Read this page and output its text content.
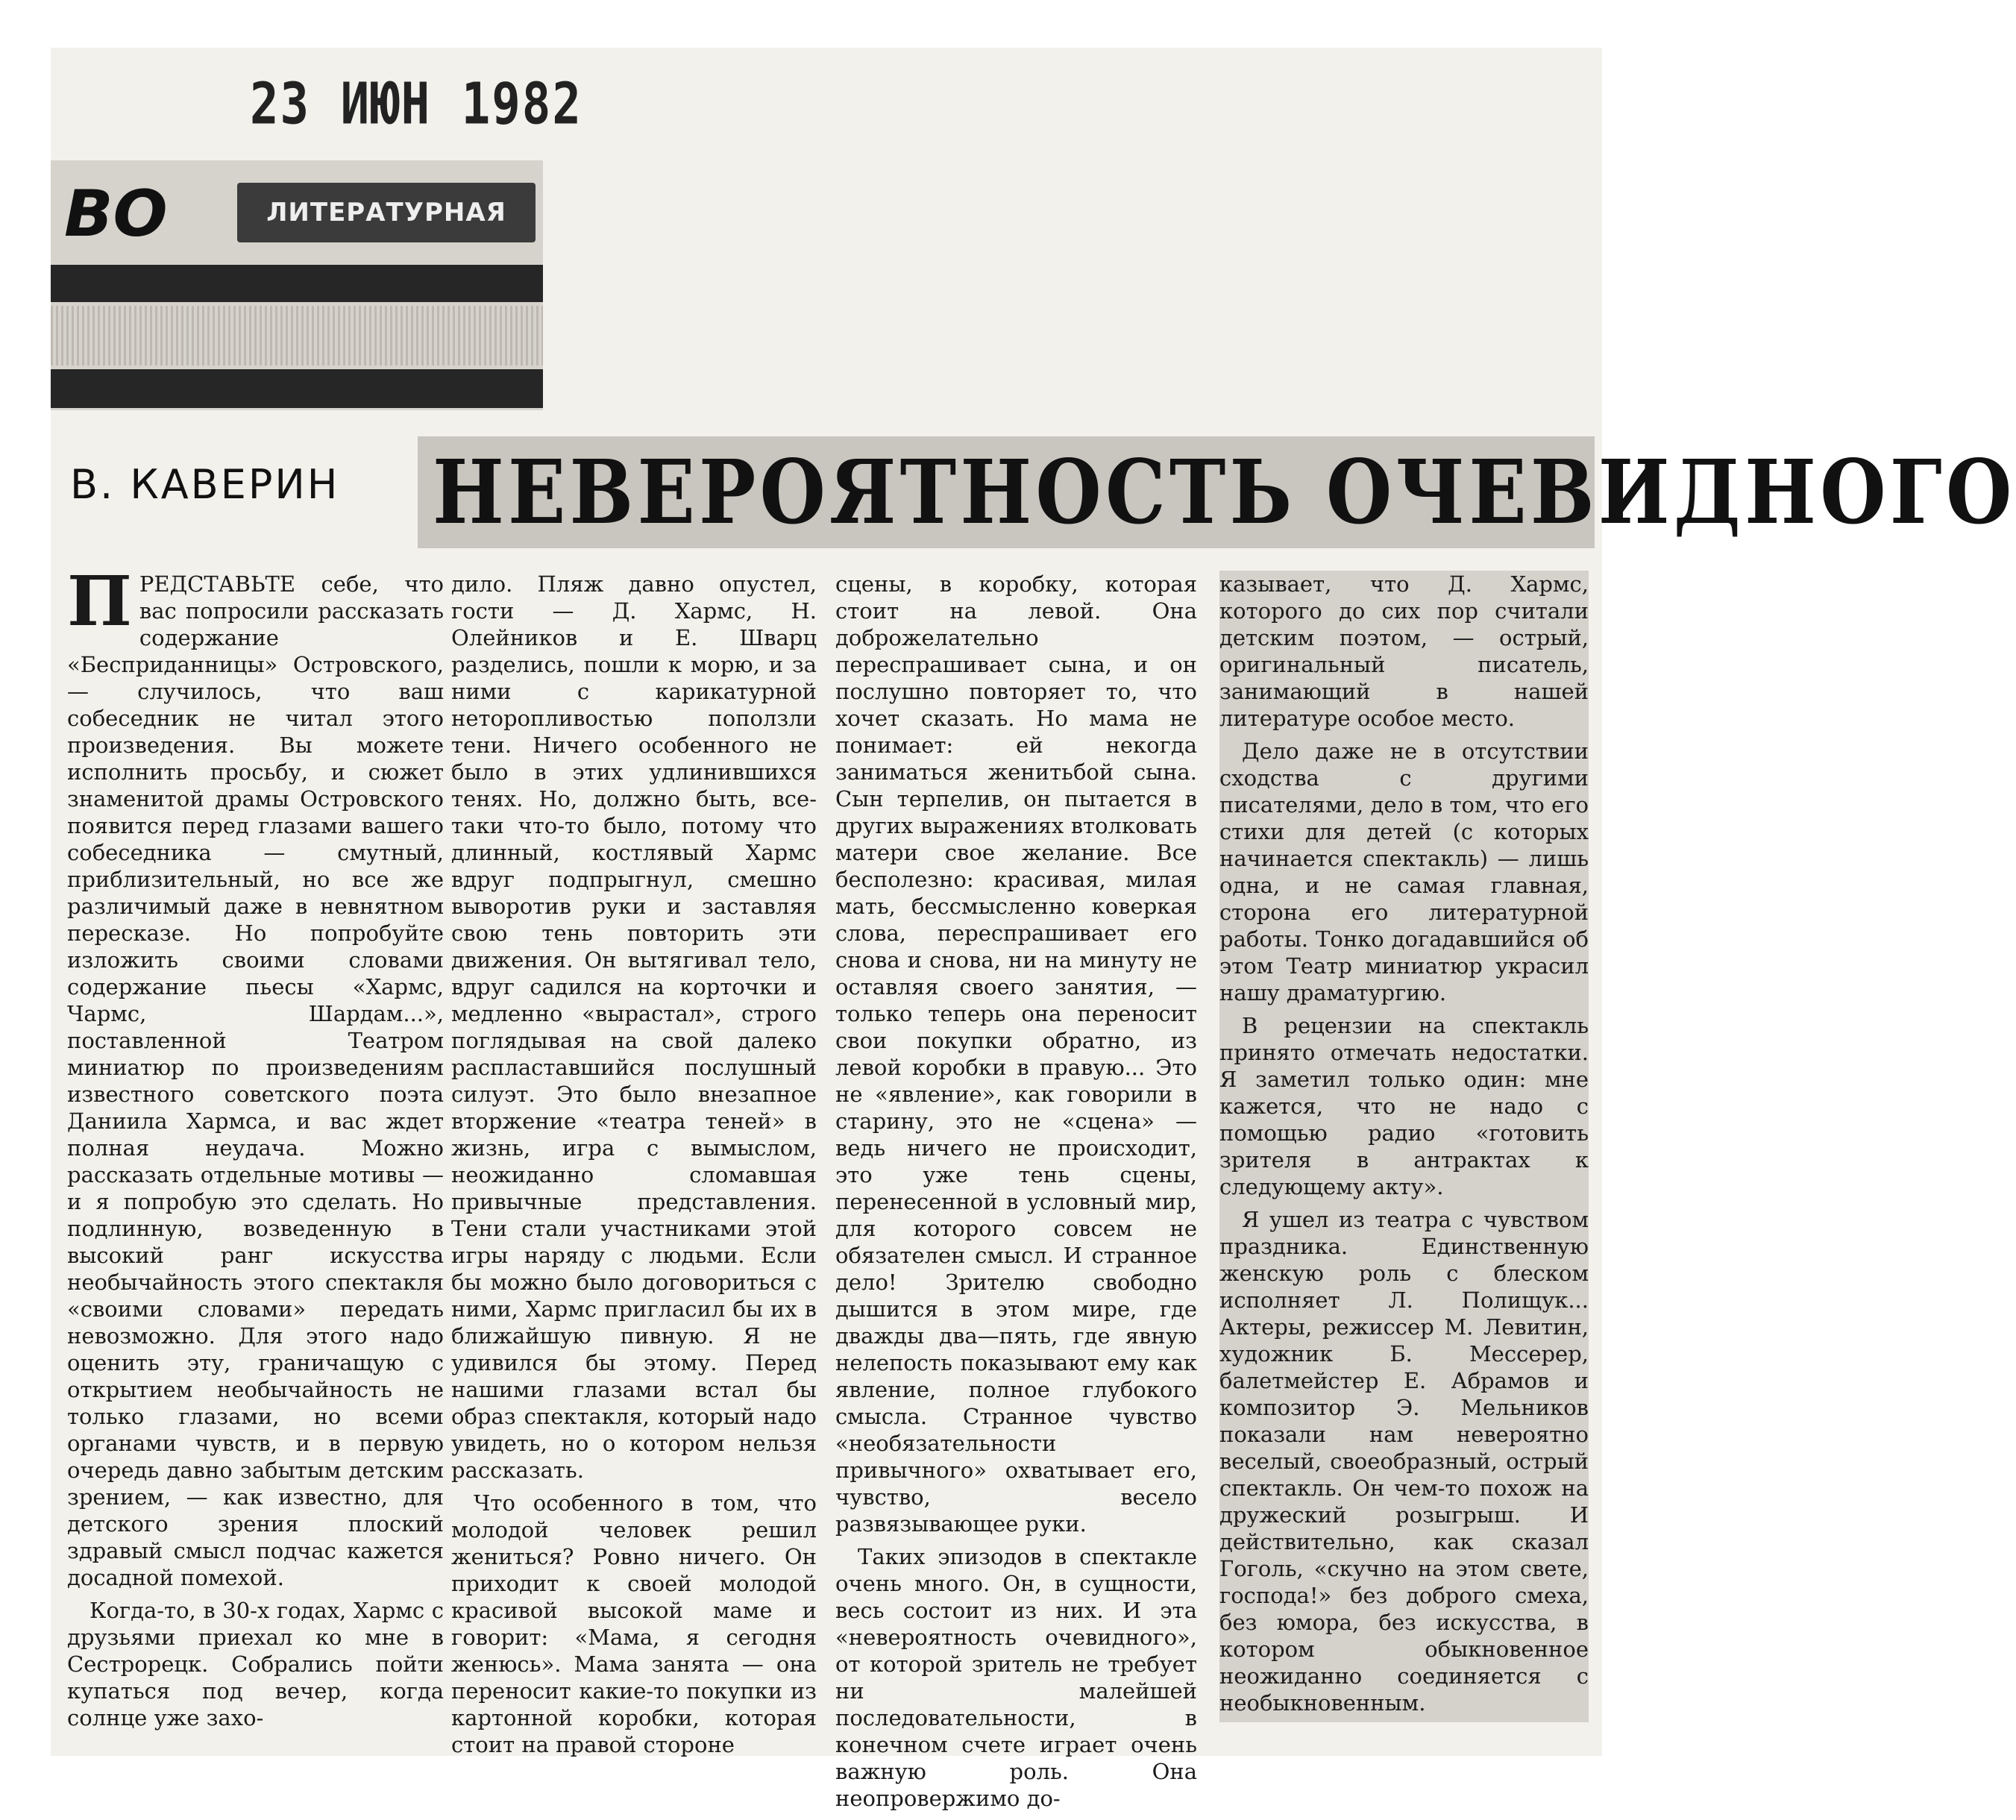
23 ИЮН 1982
ВО	ЛИТЕРАТУРНАЯ
В. КАВЕРИН НЕВЕРОЯТНОСТЬ ОЧЕВИДНОГО

ПРЕДСТАВЬТЕ себе, что вас попросили рассказать содержание «Бесприданницы» Островского, — случилось, что ваш собеседник не читал этого произведения. Вы можете исполнить просьбу, и сюжет знаменитой драмы Островского появится перед глазами вашего собеседника — смутный, приблизительный, но все же различимый даже в невнятном пересказе. Но попробуйте изложить своими словами содержание пьесы «Хармс, Чармс, Шардам...», поставленной Театром миниатюр по произведениям известного советского поэта Даниила Хармса, и вас ждет полная неудача. Можно рассказать отдельные мотивы — и я попробую это сделать. Но подлинную, возведенную в высокий ранг искусства необычайность этого спектакля «своими словами» передать невозможно. Для этого надо оценить эту, граничащую с открытием необычайность не только глазами, но всеми органами чувств, и в первую очередь давно забытым детским зрением, — как известно, для детского зрения плоский здравый смысл подчас кажется досадной помехой.

Когда-то, в 30-х годах, Хармс с друзьями приехал ко мне в Сестрорецк. Собрались пойти купаться под вечер, когда солнце уже захо-

дило. Пляж давно опустел, гости — Д. Хармс, Н. Олейников и Е. Шварц разделись, пошли к морю, и за ними с карикатурной неторопливостью поползли тени. Ничего особенного не было в этих удлинившихся тенях. Но, должно быть, все-таки что-то было, потому что длинный, костлявый Хармс вдруг подпрыгнул, смешно выворотив руки и заставляя свою тень повторить эти движения. Он вытягивал тело, вдруг садился на корточки и медленно «вырастал», строго поглядывая на свой далеко распластавшийся послушный силуэт. Это было внезапное вторжение «театра теней» в жизнь, игра с вымыслом, неожиданно сломавшая привычные представления. Тени стали участниками этой игры наряду с людьми. Если бы можно было договориться с ними, Хармс пригласил бы их в ближайшую пивную. Я не удивился бы этому. Перед нашими глазами встал бы образ спектакля, который надо увидеть, но о котором нельзя рассказать.

Что особенного в том, что молодой человек решил жениться? Ровно ничего. Он приходит к своей молодой красивой высокой маме и говорит: «Мама, я сегодня женюсь». Мама занята — она переносит какие-то покупки из картонной коробки, которая стоит на правой стороне

сцены, в коробку, которая стоит на левой. Она доброжелательно переспрашивает сына, и он послушно повторяет то, что хочет сказать. Но мама не понимает: ей некогда заниматься женитьбой сына. Сын терпелив, он пытается в других выражениях втолковать матери свое желание. Все бесполезно: красивая, милая мать, бессмысленно коверкая слова, переспрашивает его снова и снова, ни на минуту не оставляя своего занятия, — только теперь она переносит свои покупки обратно, из левой коробки в правую... Это не «явление», как говорили в старину, это не «сцена» — ведь ничего не происходит, это уже тень сцены, перенесенной в условный мир, для которого совсем не обязателен смысл. И странное дело! Зрителю свободно дышится в этом мире, где дважды два—пять, где явную нелепость показывают ему как явление, полное глубокого смысла. Странное чувство «необязательности привычного» охватывает его, чувство, весело развязывающее руки.

Таких эпизодов в спектакле очень много. Он, в сущности, весь состоит из них. И эта «невероятность очевидного», от которой зритель не требует ни малейшей последовательности, в конечном счете играет очень важную роль. Она неопровержимо до-

казывает, что Д. Хармс, которого до сих пор считали детским поэтом, — острый, оригинальный писатель, занимающий в нашей литературе особое место.

Дело даже не в отсутствии сходства с другими писателями, дело в том, что его стихи для детей (с которых начинается спектакль) — лишь одна, и не самая главная, сторона его литературной работы. Тонко догадавшийся об этом Театр миниатюр украсил нашу драматургию.

В рецензии на спектакль принято отмечать недостатки. Я заметил только один: мне кажется, что не надо с помощью радио «готовить зрителя в антрактах к следующему акту».

Я ушел из театра с чувством праздника. Единственную женскую роль с блеском исполняет Л. Полищук... Актеры, режиссер М. Левитин, художник Б. Мессерер, балетмейстер Е. Абрамов и композитор Э. Мельников показали нам невероятно веселый, своеобразный, острый спектакль. Он чем-то похож на дружеский розыгрыш. И действительно, как сказал Гоголь, «скучно на этом свете, господа!» без доброго смеха, без юмора, без искусства, в котором обыкновенное неожиданно соединяется с необыкновенным.
